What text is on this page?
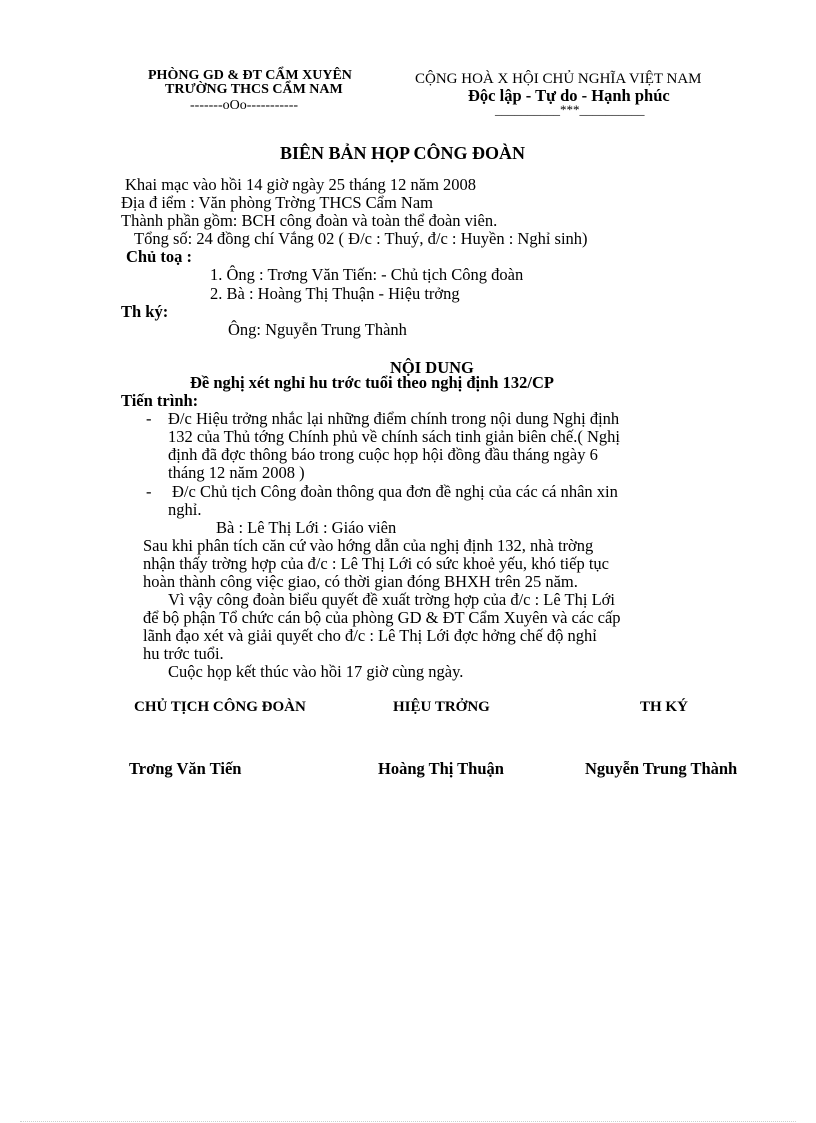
PHÒNG GD & ĐT CẨM XUYÊN
TRƯỜNG THCS CẨM NAM
-------oOo-----------
CỘNG HOÀ X HỘI CHỦ NGHĨA VIỆT NAM
Độc lập - Tự do - Hạnh phúc
__________***__________
BIÊN BẢN HỌP CÔNG ĐOÀN
Khai mạc vào hồi 14 giờ ngày 25 tháng 12 năm 2008
Địa đ iểm : Văn phòng Trờng THCS Cẩm Nam
Thành phần gồm: BCH công đoàn và toàn thể đoàn viên.
Tổng số: 24 đồng chí Vắng 02 ( Đ/c : Thuý, đ/c : Huyền : Nghỉ sinh)
Chủ toạ :
1. Ông : Trơng Văn Tiến: - Chủ tịch Công đoàn
2. Bà : Hoàng Thị Thuận - Hiệu trởng
Th ký:
Ông: Nguyễn Trung Thành
NỘI DUNG
Đề nghị xét nghỉ hu trớc tuổi theo nghị định 132/CP
Tiến trình:
- Đ/c Hiệu trởng nhắc lại những điểm chính trong nội dung Nghị định
132 của Thủ tớng Chính phủ về chính sách tinh giản biên chế.( Nghị
định đã đợc thông báo trong cuộc họp hội đồng đầu tháng ngày 6
tháng 12 năm 2008 )
- Đ/c Chủ tịch Công đoàn thông qua đơn đề nghị của các cá nhân xin
nghỉ.
Bà : Lê Thị Lới : Giáo viên
Sau khi phân tích căn cứ vào hớng dẫn của nghị định 132, nhà trờng
nhận thấy trờng hợp của đ/c : Lê Thị Lới có sức khoẻ yếu, khó tiếp tục
hoàn thành công việc giao, có thời gian đóng BHXH trên 25 năm.
Vì vậy công đoàn biểu quyết đề xuất trờng hợp của đ/c : Lê Thị Lới
để bộ phận Tổ chức cán bộ của phòng GD & ĐT Cẩm Xuyên và các cấp
lãnh đạo xét và giải quyết cho đ/c : Lê Thị Lới đợc hởng chế độ nghỉ
hu trớc tuổi.
Cuộc họp kết thúc vào hồi 17 giờ cùng ngày.
CHỦ TỊCH CÔNG ĐOÀN	HIỆU TRỞNG	TH KÝ
Trơng Văn Tiến	Hoàng Thị Thuận	Nguyễn Trung Thành
